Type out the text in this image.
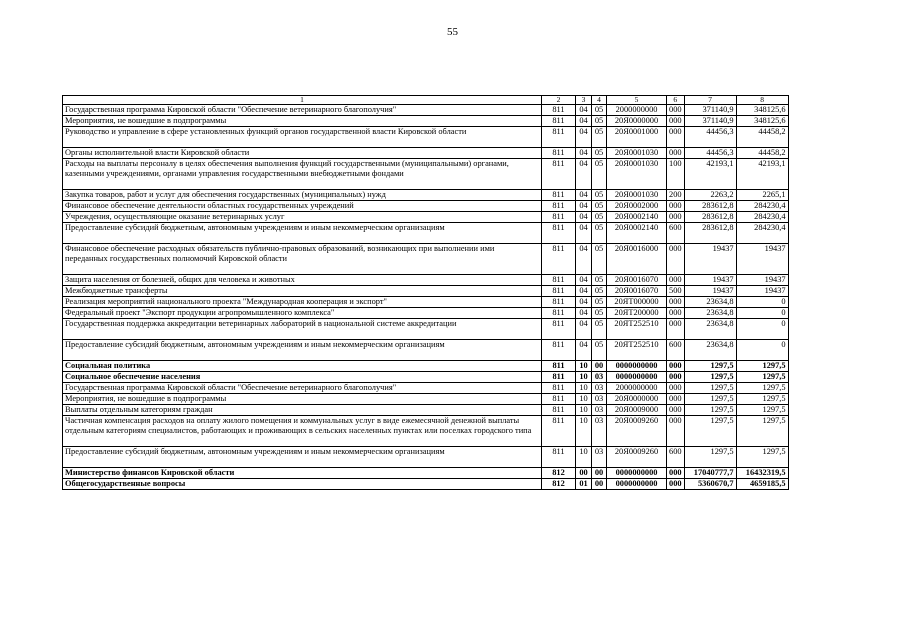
55
1	2	3	4	5	6	7	8
Государственная программа Кировской области "Обеспечение ветеринарного благополучия"	811	04	05	2000000000	000	371140,9	348125,6
Мероприятия, не вошедшие в подпрограммы	811	04	05	20Я0000000	000	371140,9	348125,6
Руководство и управление в сфере установленных функций органов государственной власти Кировской области	811	04	05	20Я0001000	000	44456,3	44458,2
Органы исполнительной власти Кировской области	811	04	05	20Я0001030	000	44456,3	44458,2
Расходы на выплаты персоналу в целях обеспечения выполнения функций государственными (муниципальными) органами, казенными учреждениями, органами управления государственными внебюджетными фондами	811	04	05	20Я0001030	100	42193,1	42193,1
Закупка товаров, работ и услуг для обеспечения государственных (муниципальных) нужд	811	04	05	20Я0001030	200	2263,2	2265,1
Финансовое обеспечение деятельности областных государственных учреждений	811	04	05	20Я0002000	000	283612,8	284230,4
Учреждения, осуществляющие оказание ветеринарных услуг	811	04	05	20Я0002140	000	283612,8	284230,4
Предоставление субсидий бюджетным, автономным учреждениям и иным некоммерческим организациям	811	04	05	20Я0002140	600	283612,8	284230,4
Финансовое обеспечение расходных обязательств публично-правовых образований, возникающих при выполнении ими переданных государственных полномочий Кировской области	811	04	05	20Я0016000	000	19437	19437
Защита населения от болезней, общих для человека и животных	811	04	05	20Я0016070	000	19437	19437
Межбюджетные трансферты	811	04	05	20Я0016070	500	19437	19437
Реализация мероприятий национального проекта "Международная кооперация и экспорт"	811	04	05	20ЯТ000000	000	23634,8	0
Федеральный проект "Экспорт продукции агропромышленного комплекса"	811	04	05	20ЯТ200000	000	23634,8	0
Государственная поддержка аккредитации ветеринарных лабораторий в национальной системе аккредитации	811	04	05	20ЯТ252510	000	23634,8	0
Предоставление субсидий бюджетным, автономным учреждениям и иным некоммерческим организациям	811	04	05	20ЯТ252510	600	23634,8	0
Социальная политика	811	10	00	0000000000	000	1297,5	1297,5
Социальное обеспечение населения	811	10	03	0000000000	000	1297,5	1297,5
Государственная программа Кировской области "Обеспечение ветеринарного благополучия"	811	10	03	2000000000	000	1297,5	1297,5
Мероприятия, не вошедшие в подпрограммы	811	10	03	20Я0000000	000	1297,5	1297,5
Выплаты отдельным категориям граждан	811	10	03	20Я0009000	000	1297,5	1297,5
Частичная компенсация расходов на оплату жилого помещения и коммунальных услуг в виде ежемесячной денежной выплаты отдельным категориям специалистов, работающих и проживающих в сельских населенных пунктах или поселках городского типа	811	10	03	20Я0009260	000	1297,5	1297,5
Предоставление субсидий бюджетным, автономным учреждениям и иным некоммерческим организациям	811	10	03	20Я0009260	600	1297,5	1297,5
Министерство финансов Кировской области	812	00	00	0000000000	000	17040777,7	16432319,5
Общегосударственные вопросы	812	01	00	0000000000	000	5360670,7	4659185,5
